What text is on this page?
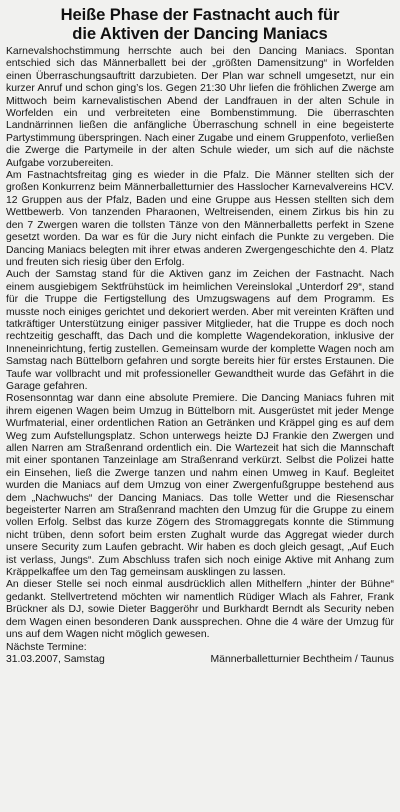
Heiße Phase der Fastnacht auch für
die Aktiven der Dancing Maniacs

Karnevalshochstimmung herrschte auch bei den Dancing Maniacs. Spontan entschied sich das Männerballett bei der „größten Damensitzung“ in Worfelden einen Überraschungsauftritt darzubieten. Der Plan war schnell umgesetzt, nur ein kurzer Anruf und schon ging’s los. Gegen 21:30 Uhr liefen die fröhlichen Zwerge am Mittwoch beim karnevalistischen Abend der Landfrauen in der alten Schule in Worfelden ein und verbreiteten eine Bombenstimmung. Die überraschten Landnärrinnen ließen die anfängliche Überraschung schnell in eine begeisterte Partystimmung überspringen. Nach einer Zugabe und einem Gruppenfoto, verließen die Zwerge die Partymeile in der alten Schule wieder, um sich auf die nächste Aufgabe vorzubereiten.

Am Fastnachtsfreitag ging es wieder in die Pfalz. Die Männer stellten sich der großen Konkurrenz beim Männerballetturnier des Hasslocher Karnevalvereins HCV. 12 Gruppen aus der Pfalz, Baden und eine Gruppe aus Hessen stellten sich dem Wettbewerb. Von tanzenden Pharaonen, Weltreisenden, einem Zirkus bis hin zu den 7 Zwergen waren die tollsten Tänze von den Männerballetts perfekt in Szene gesetzt worden. Da war es für die Jury nicht einfach die Punkte zu vergeben. Die Dancing Maniacs belegten mit ihrer etwas anderen Zwergengeschichte den 4. Platz und freuten sich riesig über den Erfolg.

Auch der Samstag stand für die Aktiven ganz im Zeichen der Fastnacht. Nach einem ausgiebigem Sektfrühstück im heimlichen Vereinslokal „Unterdorf 29“, stand für die Truppe die Fertigstellung des Umzugswagens auf dem Programm. Es musste noch einiges gerichtet und dekoriert werden. Aber mit vereinten Kräften und tatkräftiger Unterstützung einiger passiver Mitglieder, hat die Truppe es doch noch rechtzeitig geschafft, das Dach und die komplette Wagendekoration, inklusive der Inneneinrichtung, fertig zustellen. Gemeinsam wurde der komplette Wagen noch am Samstag nach Büttelborn gefahren und sorgte bereits hier für erstes Erstaunen. Die Taufe war vollbracht und mit professioneller Gewandtheit wurde das Gefährt in die Garage gefahren.

Rosensonntag war dann eine absolute Premiere. Die Dancing Maniacs fuhren mit ihrem eigenen Wagen beim Umzug in Büttelborn mit. Ausgerüstet mit jeder Menge Wurfmaterial, einer ordentlichen Ration an Getränken und Kräppel ging es auf dem Weg zum Aufstellungsplatz. Schon unterwegs heizte DJ Frankie den Zwergen und allen Narren am Straßenrand ordentlich ein. Die Wartezeit hat sich die Mannschaft mit einer spontanen Tanzeinlage am Straßenrand verkürzt. Selbst die Polizei hatte ein Einsehen, ließ die Zwerge tanzen und nahm einen Umweg in Kauf. Begleitet wurden die Maniacs auf dem Umzug von einer Zwergenfußgruppe bestehend aus dem „Nachwuchs“ der Dancing Maniacs. Das tolle Wetter und die Riesenschar begeisterter Narren am Straßenrand machten den Umzug für die Gruppe zu einem vollen Erfolg. Selbst das kurze Zögern des Stromaggregats konnte die Stimmung nicht trüben, denn sofort beim ersten Zughalt wurde das Aggregat wieder durch unsere Security zum Laufen gebracht. Wir haben es doch gleich gesagt, „Auf Euch ist verlass, Jungs“. Zum Abschluss trafen sich noch einige Aktive mit Anhang zum Kräppelkaffee um den Tag gemeinsam ausklingen zu lassen.

An dieser Stelle sei noch einmal ausdrücklich allen Mithelfern „hinter der Bühne“ gedankt. Stellvertretend möchten wir namentlich Rüdiger Wlach als Fahrer, Frank Brückner als DJ, sowie Dieter Baggeröhr und Burkhardt Berndt als Security neben dem Wagen einen besonderen Dank aussprechen. Ohne die 4 wäre der Umzug für uns auf dem Wagen nicht möglich gewesen.

Nächste Termine:
31.03.2007, Samstag	Männerballetturnier Bechtheim / Taunus
